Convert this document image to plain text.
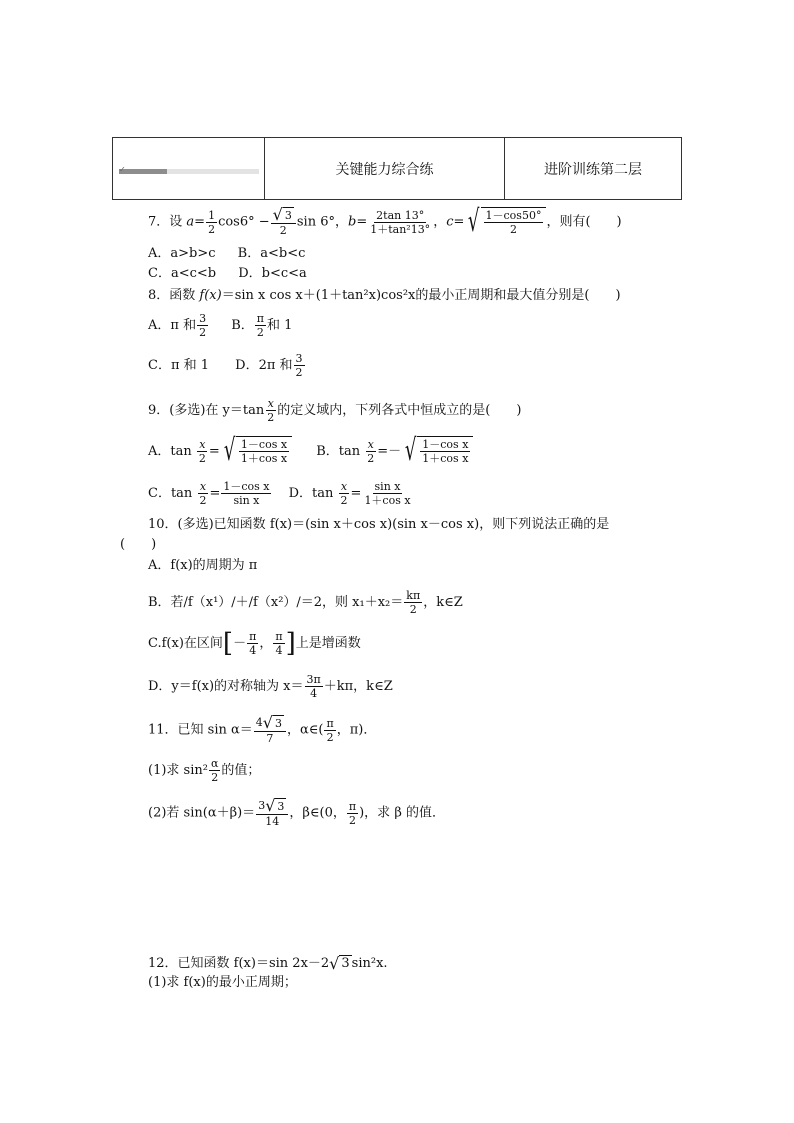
✓	关键能力综合练	进阶训练第二层
7．设 $a= \frac{1}{2} \cos 6^\circ - \frac{√ 3}{2}$ sin 6°，$b= \frac{2\tan 13^\circ}{\text{1＋tan²13°}}$ ，c= √ $\frac{1-\cos 50^\circ}{2}$ ，则有(　　)
A．a>b>c B．a<b<c
C．a<c<b D．b<c<a
8．函数 f(x)＝sin x cos x＋(1＋tan²x)cos²x的最小正周期和最大值分别是(　　)
A．π 和 $\frac{3}{2}$ B． $\frac{\pi}{2}$ 和 1
C．π 和 1 D．2π 和 $\frac{3}{2}$
9．(多选)在 $y=\tan \frac{x}{2}$ 的定义域内，下列各式中恒成立的是(　　)
A．$\tan \frac{x}{2}$ = √ $\frac{\text{1－cos x}}{\text{1＋cos x}}$ B．$\tan \frac{x}{2}$ =－ √ $\frac{\text{1－cos x}}{\text{1＋cos x}}$
C．$\tan \frac{x}{2} = \frac{\text{1－cos x}}{\text{sin x}}$ D．$\tan \frac{x}{2} = \frac{\text{sin x}}{\text{1＋cos x}}$
10．(多选)已知函数 f(x)＝(sin x＋cos x)(sin x－cos x)，则下列说法正确的是
(　　)
A．f(x)的周期为 π
B．若/f（x¹）/＋/f（x²）/＝2，则 $x_1+x_2= \frac{k\pi}{2}$ ，k∈Z
C.f(x)在区间[－ $\frac{\pi}{4}$ ， $\frac{\pi}{4}$ ]上是增函数
D．y＝f(x)的对称轴为 $x= \frac{3\pi}{4} +k\pi$，k∈Z
11．已知 $\sin \alpha= \frac{4 √ 3}{7}$ ，α∈( $\frac{\pi}{2}$ ，π)．
(1)求 $\sin^2 \frac{\alpha}{2}$ 的值；
(2)若 $\sin(\alpha+\beta)= \frac{3 √ 3}{14}$ ，β∈(0， $\frac{\pi}{2}$ )，求 β 的值．
12．已知函数 f(x)＝sin 2x－2 √ 3 sin²x.
(1)求 f(x)的最小正周期；
